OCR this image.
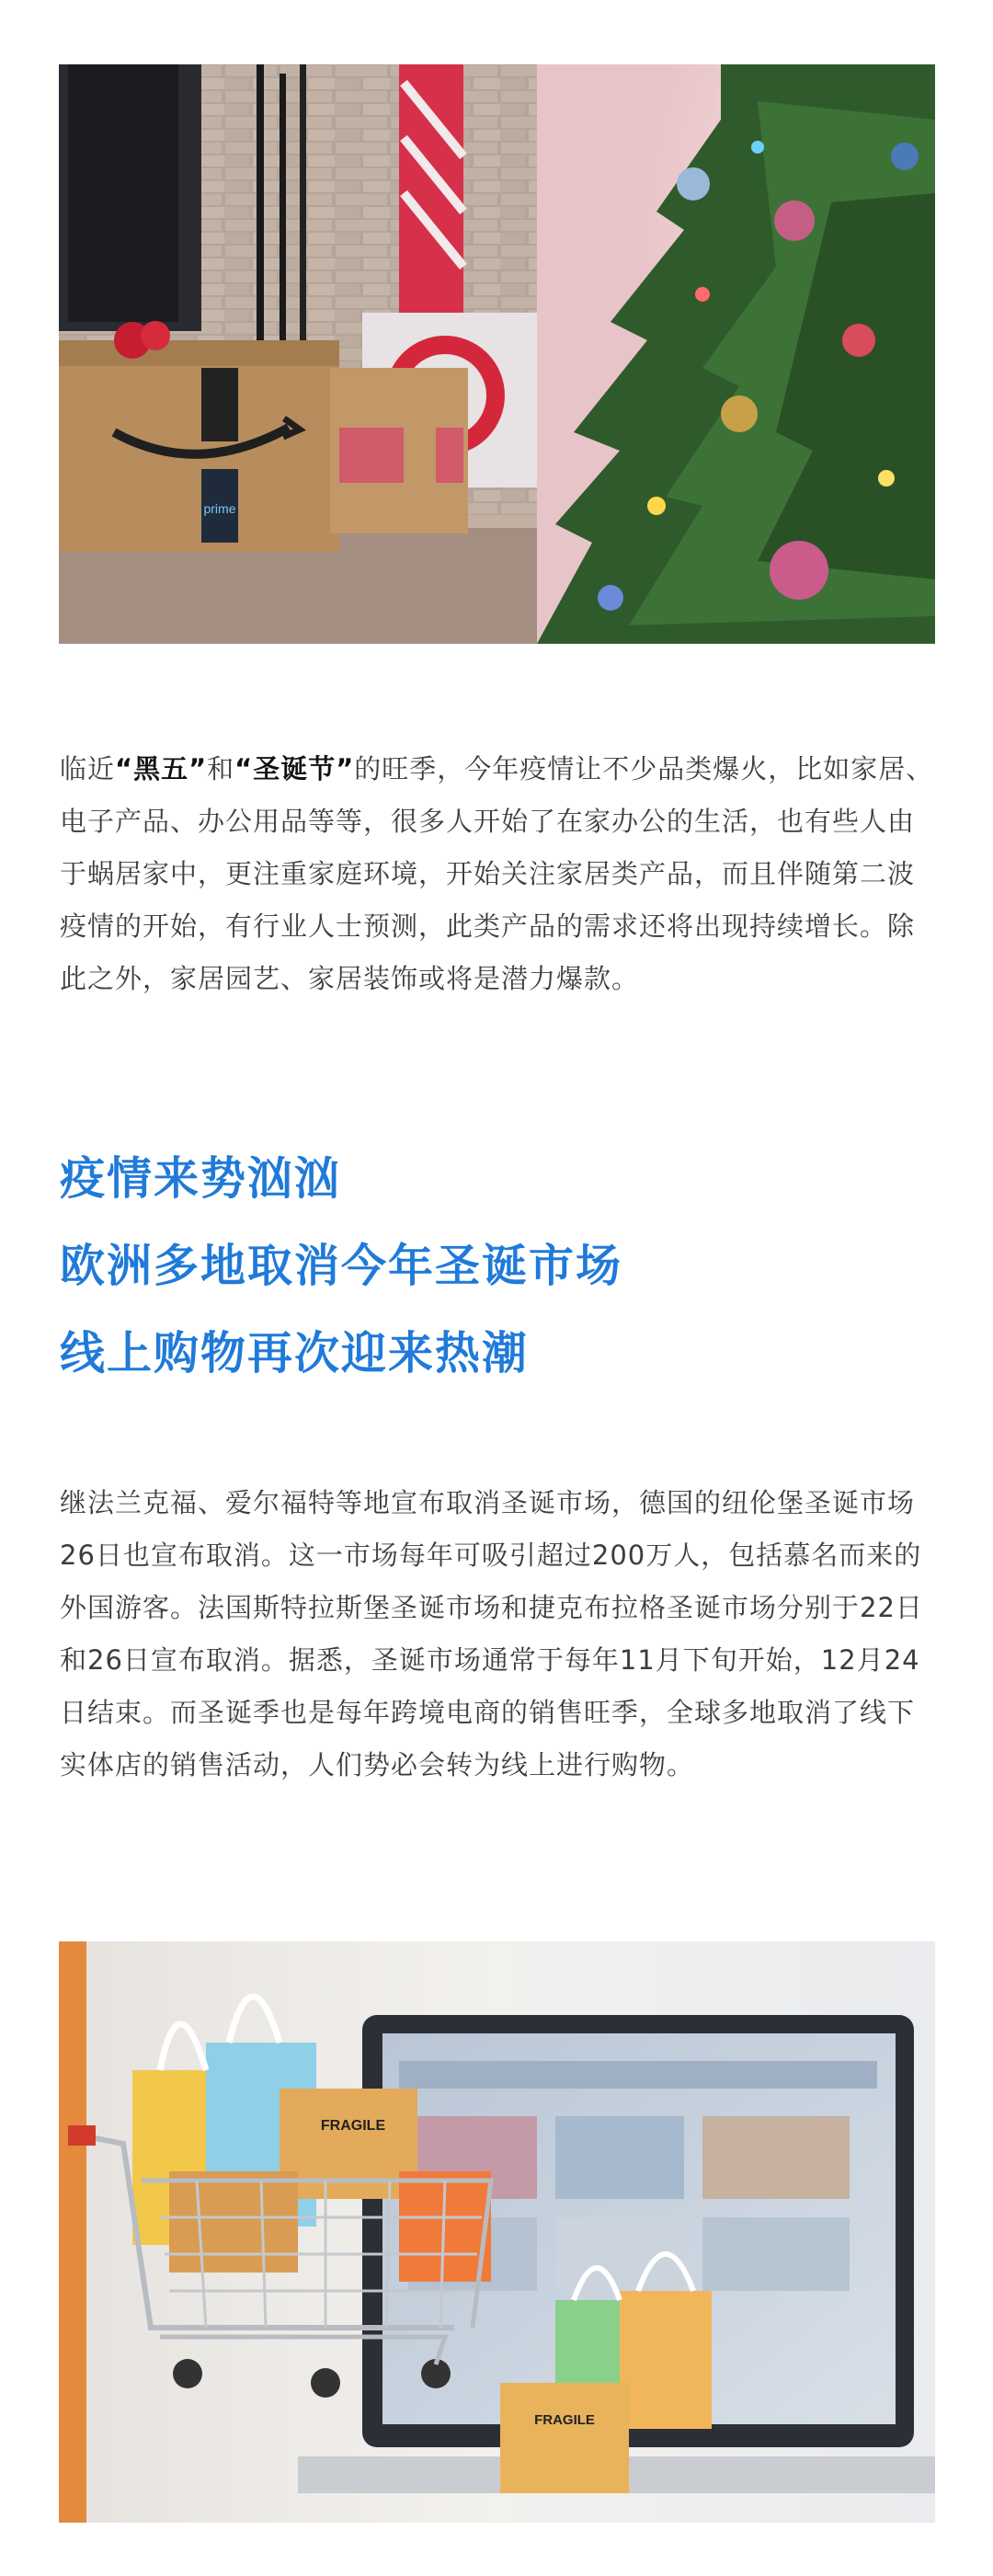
prime

临近“黑五”和“圣诞节”的旺季，今年疫情让不少品类爆火，比如家居、电子产品、办公用品等等，很多人开始了在家办公的生活，也有些人由于蜗居家中，更注重家庭环境，开始关注家居类产品，而且伴随第二波疫情的开始，有行业人士预测，此类产品的需求还将出现持续增长。除此之外，家居园艺、家居装饰或将是潜力爆款。

疫情来势汹汹
欧洲多地取消今年圣诞市场
线上购物再次迎来热潮

继法兰克福、爱尔福特等地宣布取消圣诞市场，德国的纽伦堡圣诞市场26日也宣布取消。这一市场每年可吸引超过200万人，包括慕名而来的外国游客。法国斯特拉斯堡圣诞市场和捷克布拉格圣诞市场分别于22日和26日宣布取消。据悉，圣诞市场通常于每年11月下旬开始，12月24日结束。而圣诞季也是每年跨境电商的销售旺季，全球多地取消了线下实体店的销售活动，人们势必会转为线上进行购物。

FRAGILE
FRAGILE
